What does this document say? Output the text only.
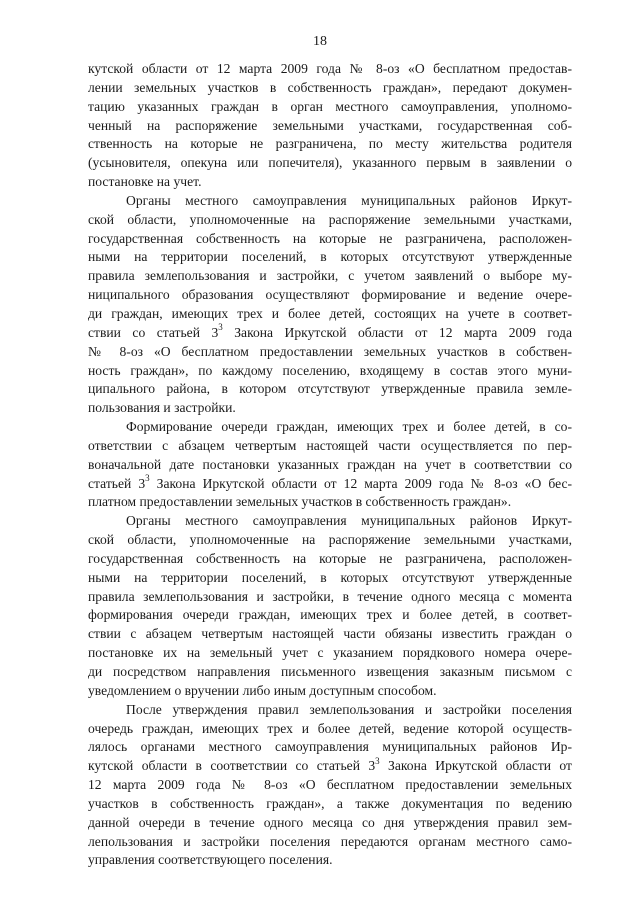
18
кутской области от 12 марта 2009 года № 8-оз «О бесплатном предостав-
лении земельных участков в собственность граждан», передают докумен-
тацию указанных граждан в орган местного самоуправления, уполномо-
ченный на распоряжение земельными участками, государственная соб-
ственность на которые не разграничена, по месту жительства родителя
(усыновителя, опекуна или попечителя), указанного первым в заявлении о
постановке на учет.
Органы местного самоуправления муниципальных районов Иркут-
ской области, уполномоченные на распоряжение земельными участками,
государственная собственность на которые не разграничена, расположен-
ными на территории поселений, в которых отсутствуют утвержденные
правила землепользования и застройки, с учетом заявлений о выборе му-
ниципального образования осуществляют формирование и ведение очере-
ди граждан, имеющих трех и более детей, состоящих на учете в соответ-
ствии со статьей $3^3$ Закона Иркутской области от 12 марта 2009 года
№ 8-оз «О бесплатном предоставлении земельных участков в собствен-
ность граждан», по каждому поселению, входящему в состав этого муни-
ципального района, в котором отсутствуют утвержденные правила земле-
пользования и застройки.
Формирование очереди граждан, имеющих трех и более детей, в со-
ответствии с абзацем четвертым настоящей части осуществляется по пер-
воначальной дате постановки указанных граждан на учет в соответствии со
статьей $3^3$ Закона Иркутской области от 12 марта 2009 года № 8-оз «О бес-
платном предоставлении земельных участков в собственность граждан».
Органы местного самоуправления муниципальных районов Иркут-
ской области, уполномоченные на распоряжение земельными участками,
государственная собственность на которые не разграничена, расположен-
ными на территории поселений, в которых отсутствуют утвержденные
правила землепользования и застройки, в течение одного месяца с момента
формирования очереди граждан, имеющих трех и более детей, в соответ-
ствии с абзацем четвертым настоящей части обязаны известить граждан о
постановке их на земельный учет с указанием порядкового номера очере-
ди посредством направления письменного извещения заказным письмом с
уведомлением о вручении либо иным доступным способом.
После утверждения правил землепользования и застройки поселения
очередь граждан, имеющих трех и более детей, ведение которой осуществ-
лялось органами местного самоуправления муниципальных районов Ир-
кутской области в соответствии со статьей $3^3$ Закона Иркутской области от
12 марта 2009 года № 8-оз «О бесплатном предоставлении земельных
участков в собственность граждан», а также документация по ведению
данной очереди в течение одного месяца со дня утверждения правил зем-
лепользования и застройки поселения передаются органам местного само-
управления соответствующего поселения.
